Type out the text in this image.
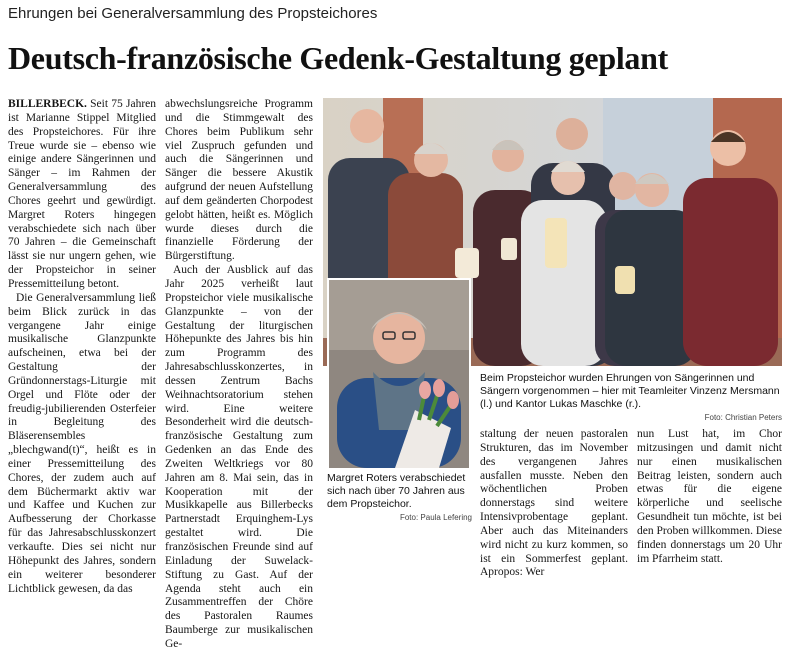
Ehrungen bei Generalversammlung des Propsteichores
Deutsch-französische Gedenk-Gestaltung geplant

BILLERBECK. Seit 75 Jahren ist Marianne Stippel Mitglied des Propsteichores. Für ihre Treue wurde sie – ebenso wie einige andere Sängerinnen und Sänger – im Rahmen der Generalversammlung des Chores geehrt und gewürdigt. Margret Roters hingegen verabschiedete sich nach über 70 Jahren – die Gemeinschaft lässt sie nur ungern gehen, wie der Propsteichor in seiner Pressemitteilung betont.

Die Generalversammlung ließ beim Blick zurück in das vergangene Jahr einige musikalische Glanzpunkte aufscheinen, etwa bei der Gestaltung der Gründonnerstags-Liturgie mit Orgel und Flöte oder der freudig-jubilierenden Osterfeier in Begleitung des Bläserensembles „blechgwand(t)“, heißt es in einer Pressemitteilung des Chores, der zudem auch auf dem Büchermarkt aktiv war und Kaffee und Kuchen zur Aufbesserung der Chorkasse für das Jahresabschlusskonzert verkaufte. Dies sei nicht nur Höhepunkt des Jahres, sondern ein weiterer besonderer Lichtblick gewesen, da das

abwechslungsreiche Programm und die Stimmgewalt des Chores beim Publikum sehr viel Zuspruch gefunden und auch die Sängerinnen und Sänger die bessere Akustik aufgrund der neuen Aufstellung auf dem geänderten Chorpodest gelobt hätten, heißt es. Möglich wurde dieses durch die finanzielle Förderung der Bürgerstiftung.

Auch der Ausblick auf das Jahr 2025 verheißt laut Propsteichor viele musikalische Glanzpunkte – von der Gestaltung der liturgischen Höhepunkte des Jahres bis hin zum Programm des Jahresabschlusskonzertes, in dessen Zentrum Bachs Weihnachtsoratorium stehen wird. Eine weitere Besonderheit wird die deutsch-französische Gestaltung zum Gedenken an das Ende des Zweiten Weltkriegs vor 80 Jahren am 8. Mai sein, das in Kooperation mit der Musikkapelle aus Billerbecks Partnerstadt Erquinghem-Lys gestaltet wird. Die französischen Freunde sind auf Einladung der Suwelack-Stiftung zu Gast. Auf der Agenda steht auch ein Zusammentreffen der Chöre des Pastoralen Raumes Baumberge zur musikalischen Ge-

Margret Roters verabschiedet sich nach über 70 Jahren aus dem Propsteichor.
Foto: Paula Lefering
Beim Propsteichor wurden Ehrungen von Sängerinnen und Sängern vorgenommen – hier mit Teamleiter Vinzenz Mersmann (l.) und Kantor Lukas Maschke (r.).
Foto: Christian Peters

staltung der neuen pastoralen Strukturen, das im November des vergangenen Jahres ausfallen musste. Neben den wöchentlichen Proben donnerstags sind weitere Intensivprobentage geplant. Aber auch das Miteinanders wird nicht zu kurz kommen, so ist ein Sommerfest geplant. Apropos: Wer

nun Lust hat, im Chor mitzusingen und damit nicht nur einen musikalischen Beitrag leisten, sondern auch etwas für die eigene körperliche und seelische Gesundheit tun möchte, ist bei den Proben willkommen. Diese finden donnerstags um 20 Uhr im Pfarrheim statt.
